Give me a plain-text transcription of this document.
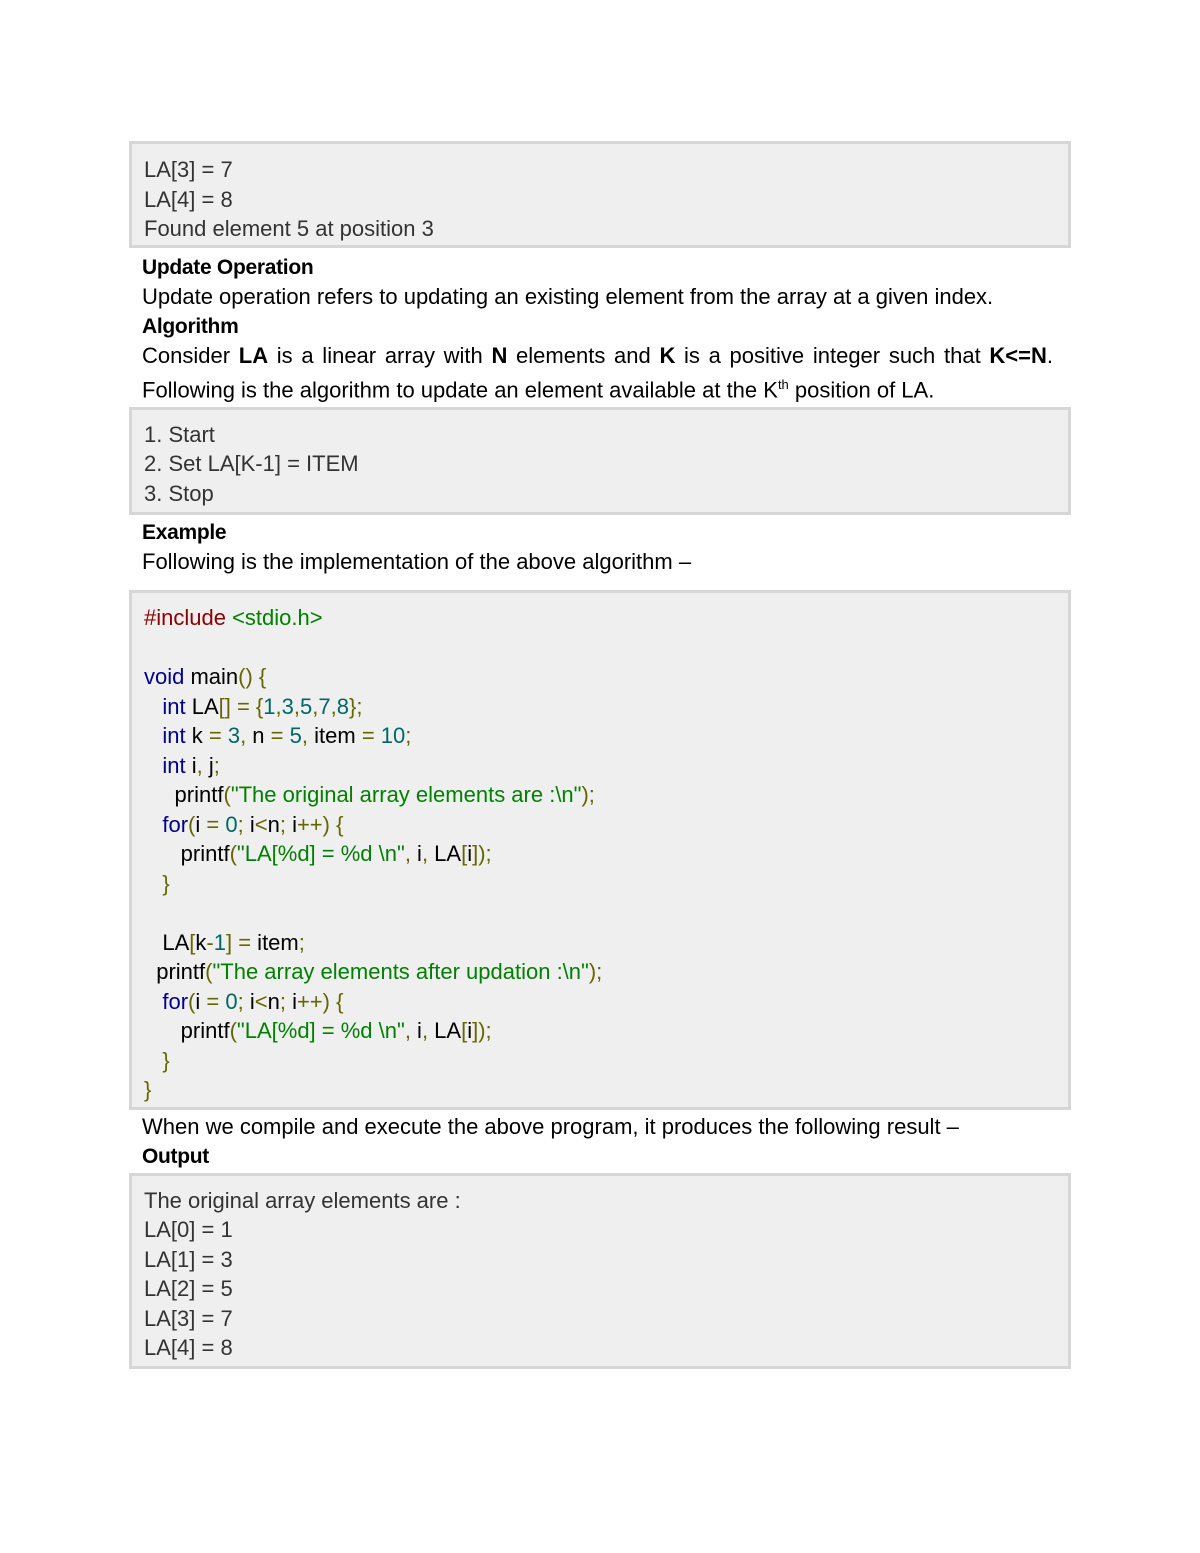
LA[3] = 7
LA[4] = 8
Found element 5 at position 3
Update Operation
Update operation refers to updating an existing element from the array at a given index.
Algorithm
Consider LA is a linear array with N elements and K is a positive integer such that K<=N. Following is the algorithm to update an element available at the $K^{th}$ position of LA.
1. Start
2. Set LA[K-1] = ITEM
3. Stop
Example
Following is the implementation of the above algorithm –
#include <stdio.h>
void main() {
int LA[] = {1,3,5,7,8};
int k = 3, n = 5, item = 10;
int i, j;
printf("The original array elements are :\n");
for(i = 0; i<n; i++) {
printf("LA[%d] = %d \n", i, LA[i]);
}
LA[k-1] = item;
printf("The array elements after updation :\n");
for(i = 0; i<n; i++) {
printf("LA[%d] = %d \n", i, LA[i]);
}
}
When we compile and execute the above program, it produces the following result –
Output
The original array elements are :
LA[0] = 1
LA[1] = 3
LA[2] = 5
LA[3] = 7
LA[4] = 8
